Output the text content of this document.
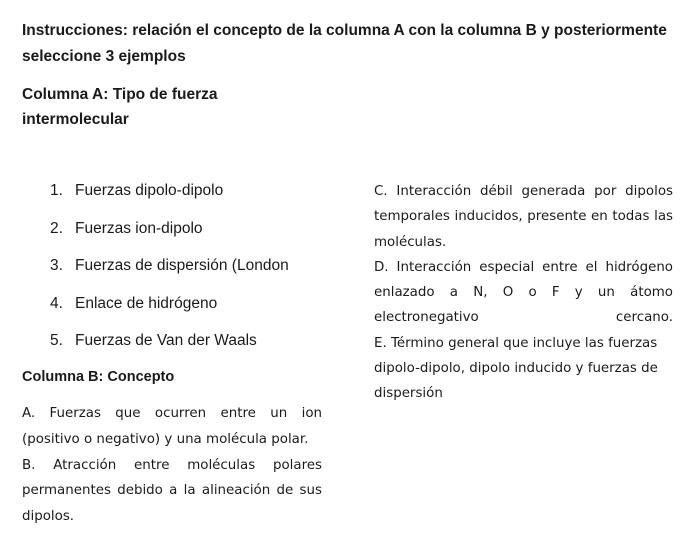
Instrucciones: relación el concepto de la columna A con la columna B y posteriormente seleccione 3 ejemplos
Columna A: Tipo de fuerza intermolecular
1. Fuerzas dipolo-dipolo
2. Fuerzas ion-dipolo
3. Fuerzas de dispersión (London
4. Enlace de hidrógeno
5. Fuerzas de Van der Waals
Columna B: Concepto

A. Fuerzas que ocurren entre un ion (positivo o negativo) y una molécula polar.

B. Atracción entre moléculas polares permanentes debido a la alineación de sus dipolos.

C. Interacción débil generada por dipolos temporales inducidos, presente en todas las moléculas.

D. Interacción especial entre el hidrógeno enlazado a N, O o F y un átomo electronegativo cercano.

E. Término general que incluye las fuerzas dipolo-dipolo, dipolo inducido y fuerzas de dispersión
